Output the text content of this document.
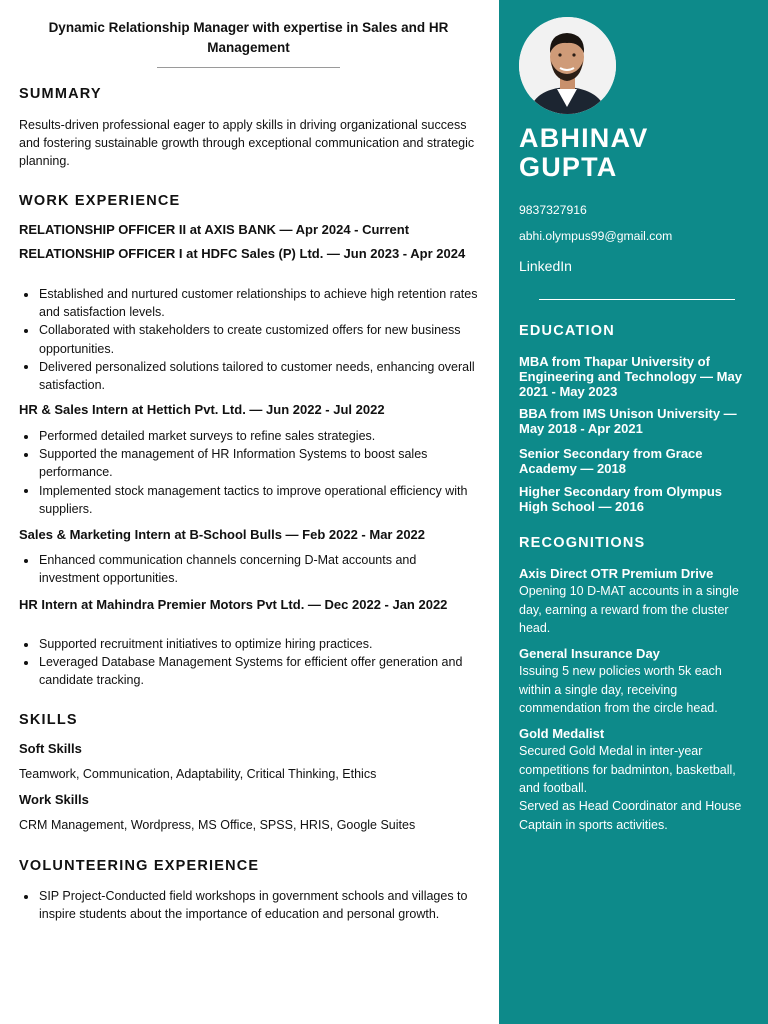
Dynamic Relationship Manager with expertise in Sales and HR Management
SUMMARY
Results-driven professional eager to apply skills in driving organizational success and fostering sustainable growth through exceptional communication and strategic planning.
WORK EXPERIENCE
RELATIONSHIP OFFICER II at AXIS BANK — Apr 2024 - Current
RELATIONSHIP OFFICER I at HDFC Sales (P) Ltd. — Jun 2023 - Apr 2024
Established and nurtured customer relationships to achieve high retention rates and satisfaction levels.
Collaborated with stakeholders to create customized offers for new business opportunities.
Delivered personalized solutions tailored to customer needs, enhancing overall satisfaction.
HR & Sales Intern at Hettich Pvt. Ltd. — Jun 2022 - Jul 2022
Performed detailed market surveys to refine sales strategies.
Supported the management of HR Information Systems to boost sales performance.
Implemented stock management tactics to improve operational efficiency with suppliers.
Sales & Marketing Intern at B-School Bulls — Feb 2022 - Mar 2022
Enhanced communication channels concerning D-Mat accounts and investment opportunities.
HR Intern at Mahindra Premier Motors Pvt Ltd. — Dec 2022 - Jan 2022
Supported recruitment initiatives to optimize hiring practices.
Leveraged Database Management Systems for efficient offer generation and candidate tracking.
SKILLS
Soft Skills
Teamwork, Communication, Adaptability, Critical Thinking, Ethics
Work Skills
CRM Management, Wordpress, MS Office, SPSS, HRIS, Google Suites
VOLUNTEERING EXPERIENCE
SIP Project-Conducted field workshops in government schools and villages to inspire students about the importance of education and personal growth.
ABHINAV GUPTA
9837327916
abhi.olympus99@gmail.com
LinkedIn
EDUCATION
MBA from Thapar University of Engineering and Technology — May 2021 - May 2023
BBA from IMS Unison University — May 2018 - Apr 2021
Senior Secondary from Grace Academy — 2018
Higher Secondary from Olympus High School — 2016
RECOGNITIONS
Axis Direct OTR Premium Drive
Opening 10 D-MAT accounts in a single day, earning a reward from the cluster head.
General Insurance Day
Issuing 5 new policies worth 5k each within a single day, receiving commendation from the circle head.
Gold Medalist
Secured Gold Medal in inter-year competitions for badminton, basketball, and football.
Served as Head Coordinator and House Captain in sports activities.
